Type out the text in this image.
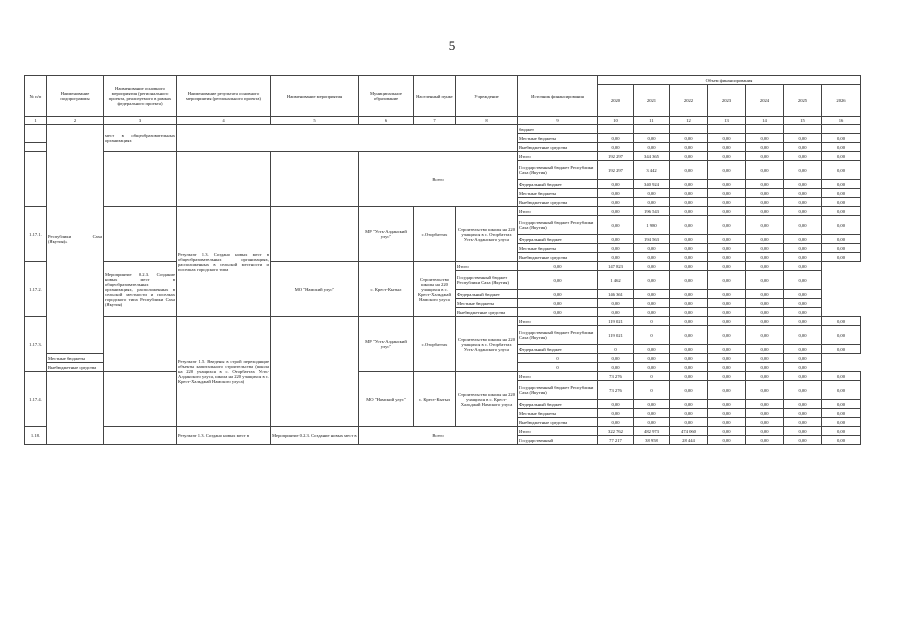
5
№ п/п	Наименование подпрограммы	Наименование основного мероприятия (регионального проекта, реализуемого в рамках федерального проекта)	Наименование результата основного мероприятия (регионального проекта)	Наименование мероприятия	Муниципальное образование	Населенный пункт	Учреждение	Источник финансирования	Объем финансирования						
									2020	2021	2022	2023	2024	2025	2026
1	2	3	4	5	6	7	8	9	10	11	12	13	14	15	16
	Республики Саха (Якутия)»	мест в общеобразовательных организациях						бюджет							
								Местные бюджеты	0,00	0,00	0,00	0,00	0,00	0,00	0,00
								Внебюджетные средства	0,00	0,00	0,00	0,00	0,00	0,00	0,00
					Всего			Итого	192 297	344 365	0,00	0,00	0,00	0,00	0,00
								Государственный бюджет Республики Саха (Якутия)	192 297	3 442	0,00	0,00	0,00	0,00	0,00
								Федеральный бюджет	0,00	340 924	0,00	0,00	0,00	0,00	0,00
								Местные бюджеты	0,00	0,00	0,00	0,00	0,00	0,00	0,00
								Внебюджетные средства	0,00	0,00	0,00	0,00	0,00	0,00	0,00
1.17.1.			Результат 1.3. Создано новых мест в общеобразовательных организациях, расположенных в сельской местности и поселках городского типа		МР "Усть-Алданский улус"	с.Оторбаттах	Строительство школы на 220 учащихся в с. Оторбаттах Усть-Алданского улуса	Итого	0,00	196 543	0,00	0,00	0,00	0,00	0,00
								Государственный бюджет Республики Саха (Якутия)	0,00	1 980	0,00	0,00	0,00	0,00	0,00
								Федеральный бюджет	0,00	194 563	0,00	0,00	0,00	0,00	0,00
								Местные бюджеты	0,00	0,00	0,00	0,00	0,00	0,00	0,00
								Внебюджетные средства	0,00	0,00	0,00	0,00	0,00	0,00	0,00
1.17.2.		Мероприятие 0.2.3. Создание новых мест в общеобразовательных организациях, расположенных в сельской местности и поселках городского типа Республики Саха (Якутия)		МО "Намский улус"	с. Крест-Кытыл	Строительство школы на 220 учащихся в с. Крест-Хальджай Намского улуса	Итого	0,00	147 823	0,00	0,00	0,00	0,00	0,00	
							Государственный бюджет Республики Саха (Якутия)	0,00	1 462	0,00	0,00	0,00	0,00	0,00	
							Федеральный бюджет	0,00	146 361	0,00	0,00	0,00	0,00	0,00	
							Местные бюджеты	0,00	0,00	0,00	0,00	0,00	0,00	0,00	
							Внебюджетные средства	0,00	0,00	0,00	0,00	0,00	0,00	0,00	
1.17.3.			Результат 1.5. Введены в строй переходящие объекты капитального строительства (школа на 220 учащихся в с. Оторбаттах Усть-Алданского улуса, школа на 220 учащихся в с. Крест-Хальджай Намского улуса)		МР "Усть-Алданский улус"	с.Оторбаттах	Строительство школы на 220 учащихся в с. Оторбаттах Усть-Алданского улуса	Итого	119 021	0	0,00	0,00	0,00	0,00	0,00
								Государственный бюджет Республики Саха (Якутия)	119 021	0	0,00	0,00	0,00	0,00	0,00
								Федеральный бюджет	0	0,00	0,00	0,00	0,00	0,00	0,00
	Местные бюджеты							0	0,00	0,00	0,00	0,00	0,00	0,00	
	Внебюджетные средства							0	0,00	0,00	0,00	0,00	0,00	0,00	
1.17.4.					МО "Намский улус"	с. Крест-Кытыл	Строительство школы на 220 учащихся в с. Крест-Хальджай Намского улуса	Итого	73 276	0	0,00	0,00	0,00	0,00	0,00
								Государственный бюджет Республики Саха (Якутия)	73 276	0	0,00	0,00	0,00	0,00	0,00
								Федеральный бюджет	0,00	0,00	0,00	0,00	0,00	0,00	0,00
								Местные бюджеты	0,00	0,00	0,00	0,00	0,00	0,00	0,00
								Внебюджетные средства	0,00	0,00	0,00	0,00	0,00	0,00	0,00
1.18.			Результат 1.3. Создано новых мест в	Мероприятие 0.2.3. Создание новых мест в	Всего			Итого	322 762	482 973	474 060	0,00	0,00	0,00	0,00
								Государственный	77 217	38 958	28 444	0,00	0,00	0,00	0,00
